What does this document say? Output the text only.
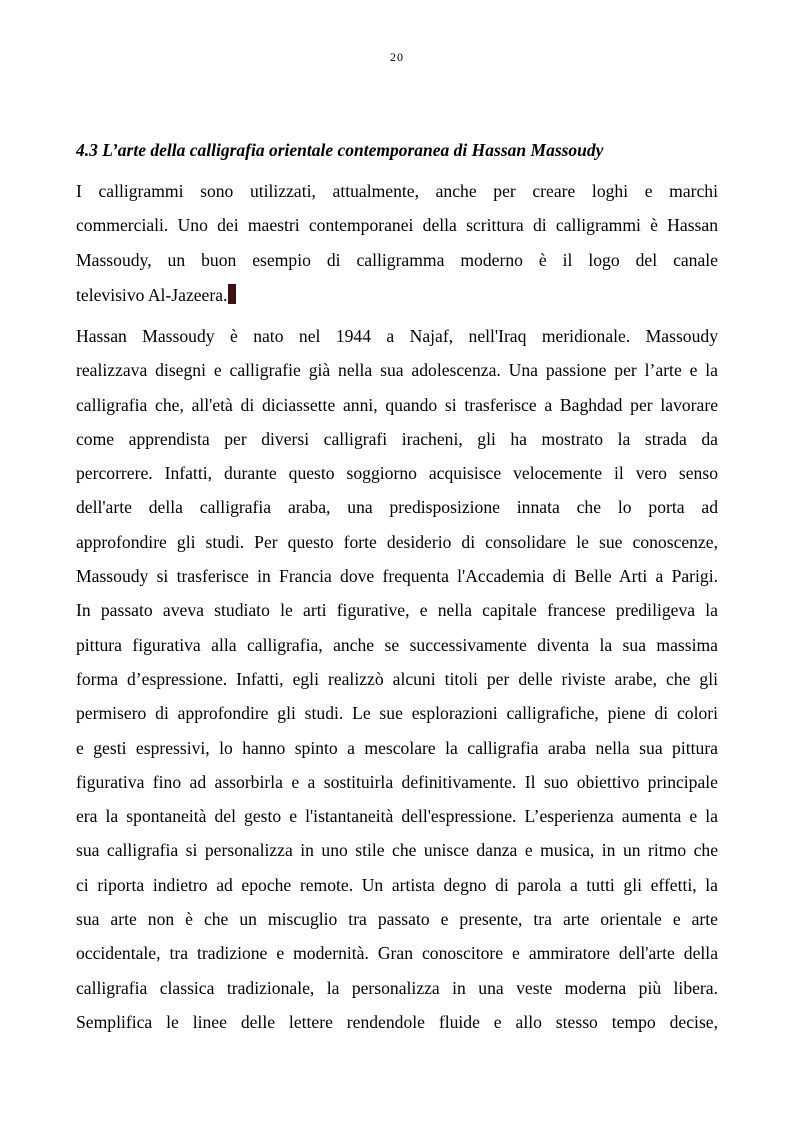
20
4.3 L’arte della calligrafia orientale contemporanea di Hassan Massoudy
I calligrammi sono utilizzati, attualmente, anche per creare loghi e marchi
commerciali. Uno dei maestri contemporanei della scrittura di calligrammi è Hassan
Massoudy, un buon esempio di calligramma moderno è il logo del canale
televisivo Al-Jazeera.
Hassan Massoudy è nato nel 1944 a Najaf, nell'Iraq meridionale. Massoudy
realizzava disegni e calligrafie già nella sua adolescenza. Una passione per l’arte e la
calligrafia che, all'età di diciassette anni, quando si trasferisce a Baghdad per lavorare
come apprendista per diversi calligrafi iracheni, gli ha mostrato la strada da
percorrere. Infatti, durante questo soggiorno acquisisce velocemente il vero senso
dell'arte della calligrafia araba, una predisposizione innata che lo porta ad
approfondire gli studi. Per questo forte desiderio di consolidare le sue conoscenze,
Massoudy si trasferisce in Francia dove frequenta l'Accademia di Belle Arti a Parigi.
In passato aveva studiato le arti figurative, e nella capitale francese prediligeva la
pittura figurativa alla calligrafia, anche se successivamente diventa la sua massima
forma d’espressione. Infatti, egli realizzò alcuni titoli per delle riviste arabe, che gli
permisero di approfondire gli studi. Le sue esplorazioni calligrafiche, piene di colori
e gesti espressivi, lo hanno spinto a mescolare la calligrafia araba nella sua pittura
figurativa fino ad assorbirla e a sostituirla definitivamente. Il suo obiettivo principale
era la spontaneità del gesto e l'istantaneità dell'espressione. L’esperienza aumenta e la
sua calligrafia si personalizza in uno stile che unisce danza e musica, in un ritmo che
ci riporta indietro ad epoche remote. Un artista degno di parola a tutti gli effetti, la
sua arte non è che un miscuglio tra passato e presente, tra arte orientale e arte
occidentale, tra tradizione e modernità. Gran conoscitore e ammiratore dell'arte della
calligrafia classica tradizionale, la personalizza in una veste moderna più libera.
Semplifica le linee delle lettere rendendole fluide e allo stesso tempo decise,
